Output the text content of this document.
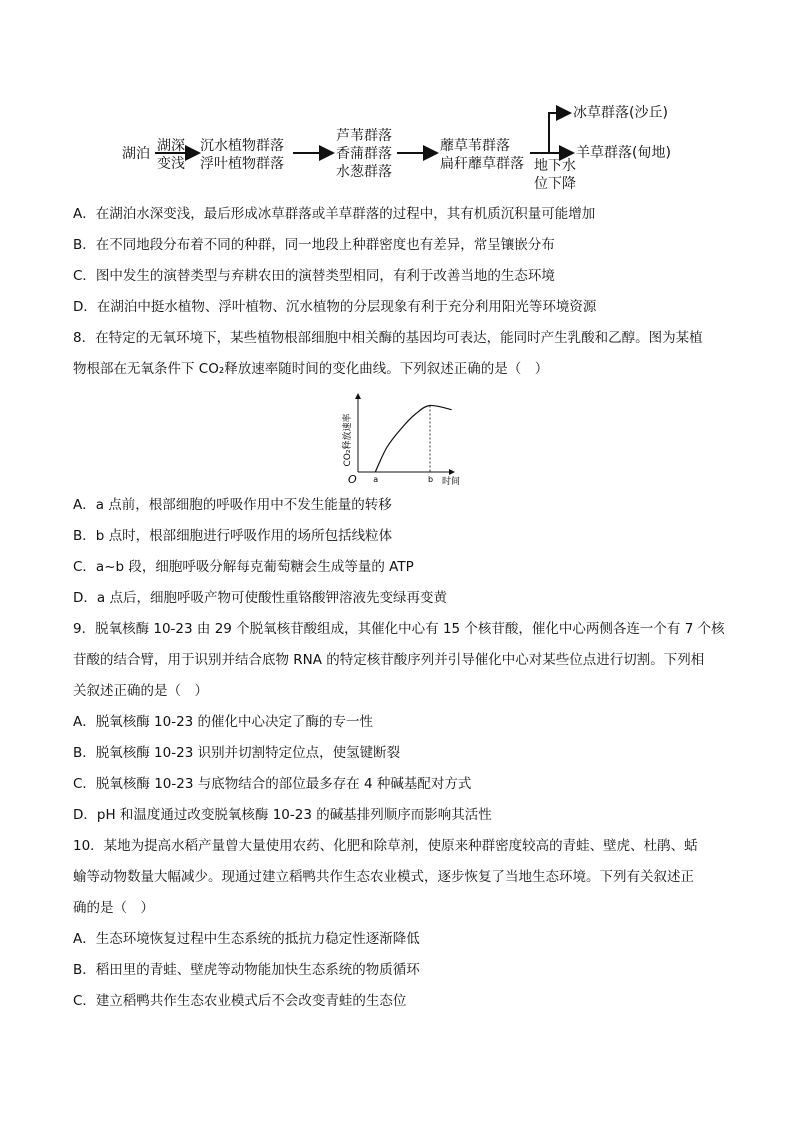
湖泊 湖深
变浅
沉水植物群落
浮叶植物群落
芦苇群落
香蒲群落
水葱群落
蘼草苇群落
扁秆蘼草群落 地下水
位下降
冰草群落(沙丘)
羊草群落(甸地)
A．在湖泊水深变浅，最后形成冰草群落或羊草群落的过程中，其有机质沉积量可能增加
B．在不同地段分布着不同的种群，同一地段上种群密度也有差异，常呈镶嵌分布
C．图中发生的演替类型与弃耕农田的演替类型相同，有利于改善当地的生态环境
D．在湖泊中挺水植物、浮叶植物、沉水植物的分层现象有利于充分利用阳光等环境资源
8．在特定的无氧环境下，某些植物根部细胞中相关酶的基因均可表达，能同时产生乳酸和乙醇。图为某植
物根部在无氧条件下 CO₂释放速率随时间的变化曲线。下列叙述正确的是（　）
CO₂释放速率
时间
O a	b
A．a 点前，根部细胞的呼吸作用中不发生能量的转移
B．b 点时，根部细胞进行呼吸作用的场所包括线粒体
C．a~b 段，细胞呼吸分解每克葡萄糖会生成等量的 ATP
D．a 点后，细胞呼吸产物可使酸性重铬酸钾溶液先变绿再变黄
9．脱氧核酶 10-23 由 29 个脱氧核苷酸组成，其催化中心有 15 个核苷酸，催化中心两侧各连一个有 7 个核
苷酸的结合臂，用于识别并结合底物 RNA 的特定核苷酸序列并引导催化中心对某些位点进行切割。下列相
关叙述正确的是（　）
A．脱氧核酶 10-23 的催化中心决定了酶的专一性
B．脱氧核酶 10-23 识别并切割特定位点，使氢键断裂
C．脱氧核酶 10-23 与底物结合的部位最多存在 4 种碱基配对方式
D．pH 和温度通过改变脱氧核酶 10-23 的碱基排列顺序而影响其活性
10．某地为提高水稻产量曾大量使用农药、化肥和除草剂，使原来种群密度较高的青蛙、壁虎、杜鹃、蛞
蝓等动物数量大幅减少。现通过建立稻鸭共作生态农业模式，逐步恢复了当地生态环境。下列有关叙述正
确的是（　）
A．生态环境恢复过程中生态系统的抵抗力稳定性逐渐降低
B．稻田里的青蛙、壁虎等动物能加快生态系统的物质循环
C．建立稻鸭共作生态农业模式后不会改变青蛙的生态位
